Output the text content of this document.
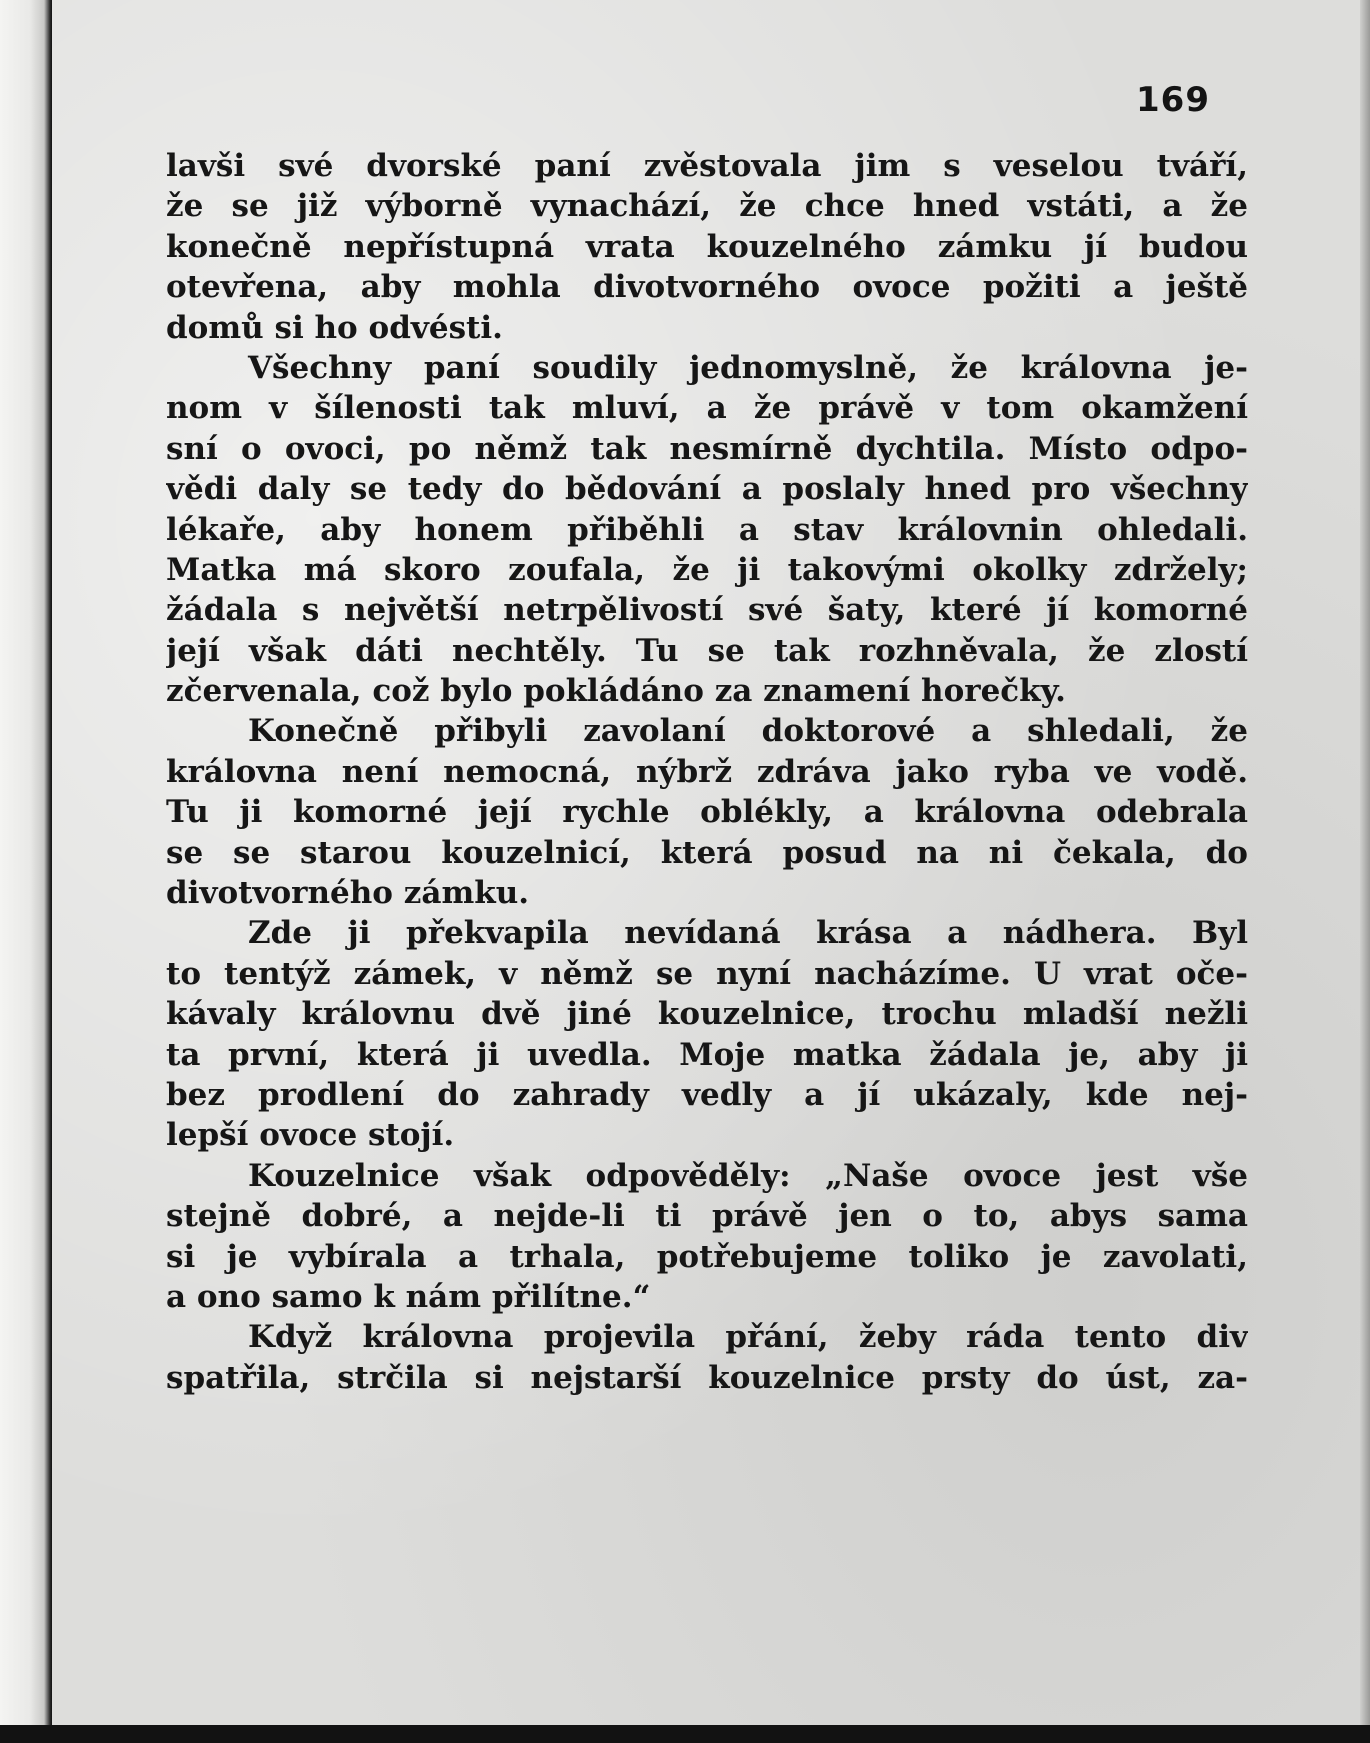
169
lavši své dvorské paní zvěstovala jim s veselou tváří,
že se již výborně vynachází, že chce hned vstáti, a že
konečně nepřístupná vrata kouzelného zámku jí budou
otevřena, aby mohla divotvorného ovoce požiti a ještě
domů si ho odvésti.
Všechny paní soudily jednomyslně, že královna je-
nom v šílenosti tak mluví, a že právě v tom okamžení
sní o ovoci, po němž tak nesmírně dychtila. Místo odpo-
vědi daly se tedy do bědování a poslaly hned pro všechny
lékaře, aby honem přiběhli a stav královnin ohledali.
Matka má skoro zoufala, že ji takovými okolky zdržely;
žádala s největší netrpělivostí své šaty, které jí komorné
její však dáti nechtěly. Tu se tak rozhněvala, že zlostí
zčervenala, což bylo pokládáno za znamení horečky.
Konečně přibyli zavolaní doktorové a shledali, že
královna není nemocná, nýbrž zdráva jako ryba ve vodě.
Tu ji komorné její rychle oblékly, a královna odebrala
se se starou kouzelnicí, která posud na ni čekala, do
divotvorného zámku.
Zde ji překvapila nevídaná krása a nádhera. Byl
to tentýž zámek, v němž se nyní nacházíme. U vrat oče-
kávaly královnu dvě jiné kouzelnice, trochu mladší nežli
ta první, která ji uvedla. Moje matka žádala je, aby ji
bez prodlení do zahrady vedly a jí ukázaly, kde nej-
lepší ovoce stojí.
Kouzelnice však odpověděly: „Naše ovoce jest vše
stejně dobré, a nejde-li ti právě jen o to, abys sama
si je vybírala a trhala, potřebujeme toliko je zavolati,
a ono samo k nám přilítne.“
Když královna projevila přání, žeby ráda tento div
spatřila, strčila si nejstarší kouzelnice prsty do úst, za-
